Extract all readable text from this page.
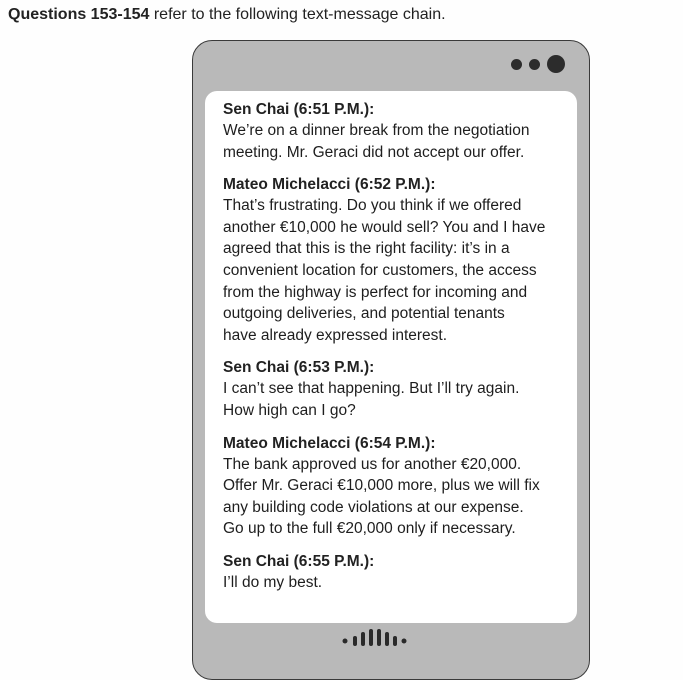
Questions 153-154 refer to the following text-message chain.
Sen Chai (6:51 P.M.):
We’re on a dinner break from the negotiation
meeting. Mr. Geraci did not accept our offer.
Mateo Michelacci (6:52 P.M.):
That’s frustrating. Do you think if we offered
another €10,000 he would sell? You and I have
agreed that this is the right facility: it’s in a
convenient location for customers, the access
from the highway is perfect for incoming and
outgoing deliveries, and potential tenants
have already expressed interest.
Sen Chai (6:53 P.M.):
I can’t see that happening. But I’ll try again.
How high can I go?
Mateo Michelacci (6:54 P.M.):
The bank approved us for another €20,000.
Offer Mr. Geraci €10,000 more, plus we will fix
any building code violations at our expense.
Go up to the full €20,000 only if necessary.
Sen Chai (6:55 P.M.):
I’ll do my best.
